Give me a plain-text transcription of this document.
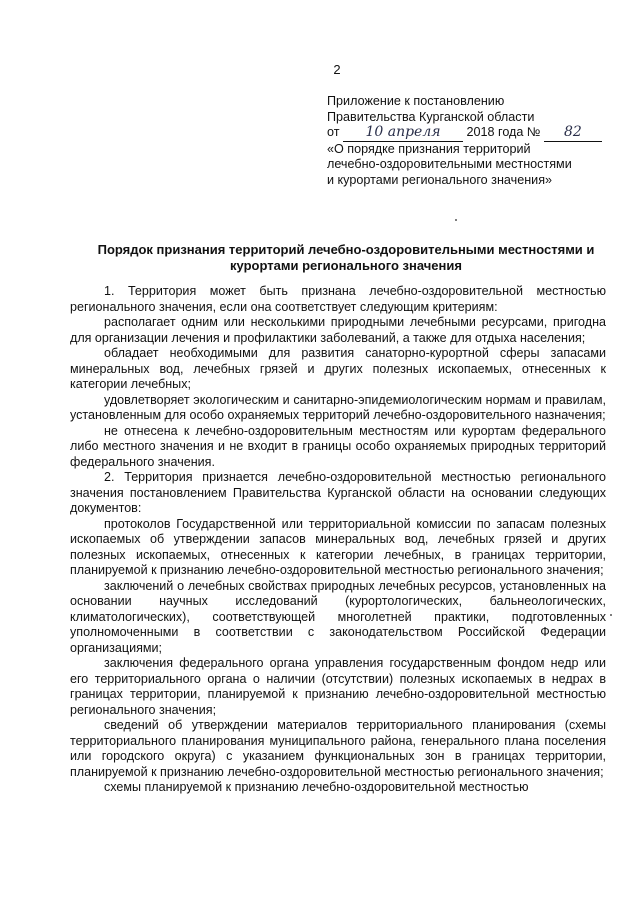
2
Приложение к постановлению
Правительства Курганской области
от 10 апреля 2018 года № 82
«О порядке признания территорий
лечебно-оздоровительными местностями
и курортами регионального значения»
Порядок признания территорий лечебно-оздоровительными местностями и
курортами регионального значения

1. Территория может быть признана лечебно-оздоровительной местностью регионального значения, если она соответствует следующим критериям:

располагает одним или несколькими природными лечебными ресурсами, пригодна для организации лечения и профилактики заболеваний, а также для отдыха населения;

обладает необходимыми для развития санаторно-курортной сферы запасами минеральных вод, лечебных грязей и других полезных ископаемых, отнесенных к категории лечебных;

удовлетворяет экологическим и санитарно-эпидемиологическим нормам и правилам, установленным для особо охраняемых территорий лечебно-оздоровительного назначения;

не отнесена к лечебно-оздоровительным местностям или курортам федерального либо местного значения и не входит в границы особо охраняемых природных территорий федерального значения.

2. Территория признается лечебно-оздоровительной местностью регионального значения постановлением Правительства Курганской области на основании следующих документов:

протоколов Государственной или территориальной комиссии по запасам полезных ископаемых об утверждении запасов минеральных вод, лечебных грязей и других полезных ископаемых, отнесенных к категории лечебных, в границах территории, планируемой к признанию лечебно-оздоровительной местностью регионального значения;

заключений о лечебных свойствах природных лечебных ресурсов, установленных на основании научных исследований (курортологических, бальнеологических, климатологических), соответствующей многолетней практики, подготовленных уполномоченными в соответствии с законодательством Российской Федерации организациями;

заключения федерального органа управления государственным фондом недр или его территориального органа о наличии (отсутствии) полезных ископаемых в недрах в границах территории, планируемой к признанию лечебно-оздоровительной местностью регионального значения;

сведений об утверждении материалов территориального планирования (схемы территориального планирования муниципального района, генерального плана поселения или городского округа) с указанием функциональных зон в границах территории, планируемой к признанию лечебно-оздоровительной местностью регионального значения;

схемы планируемой к признанию лечебно-оздоровительной местностью
